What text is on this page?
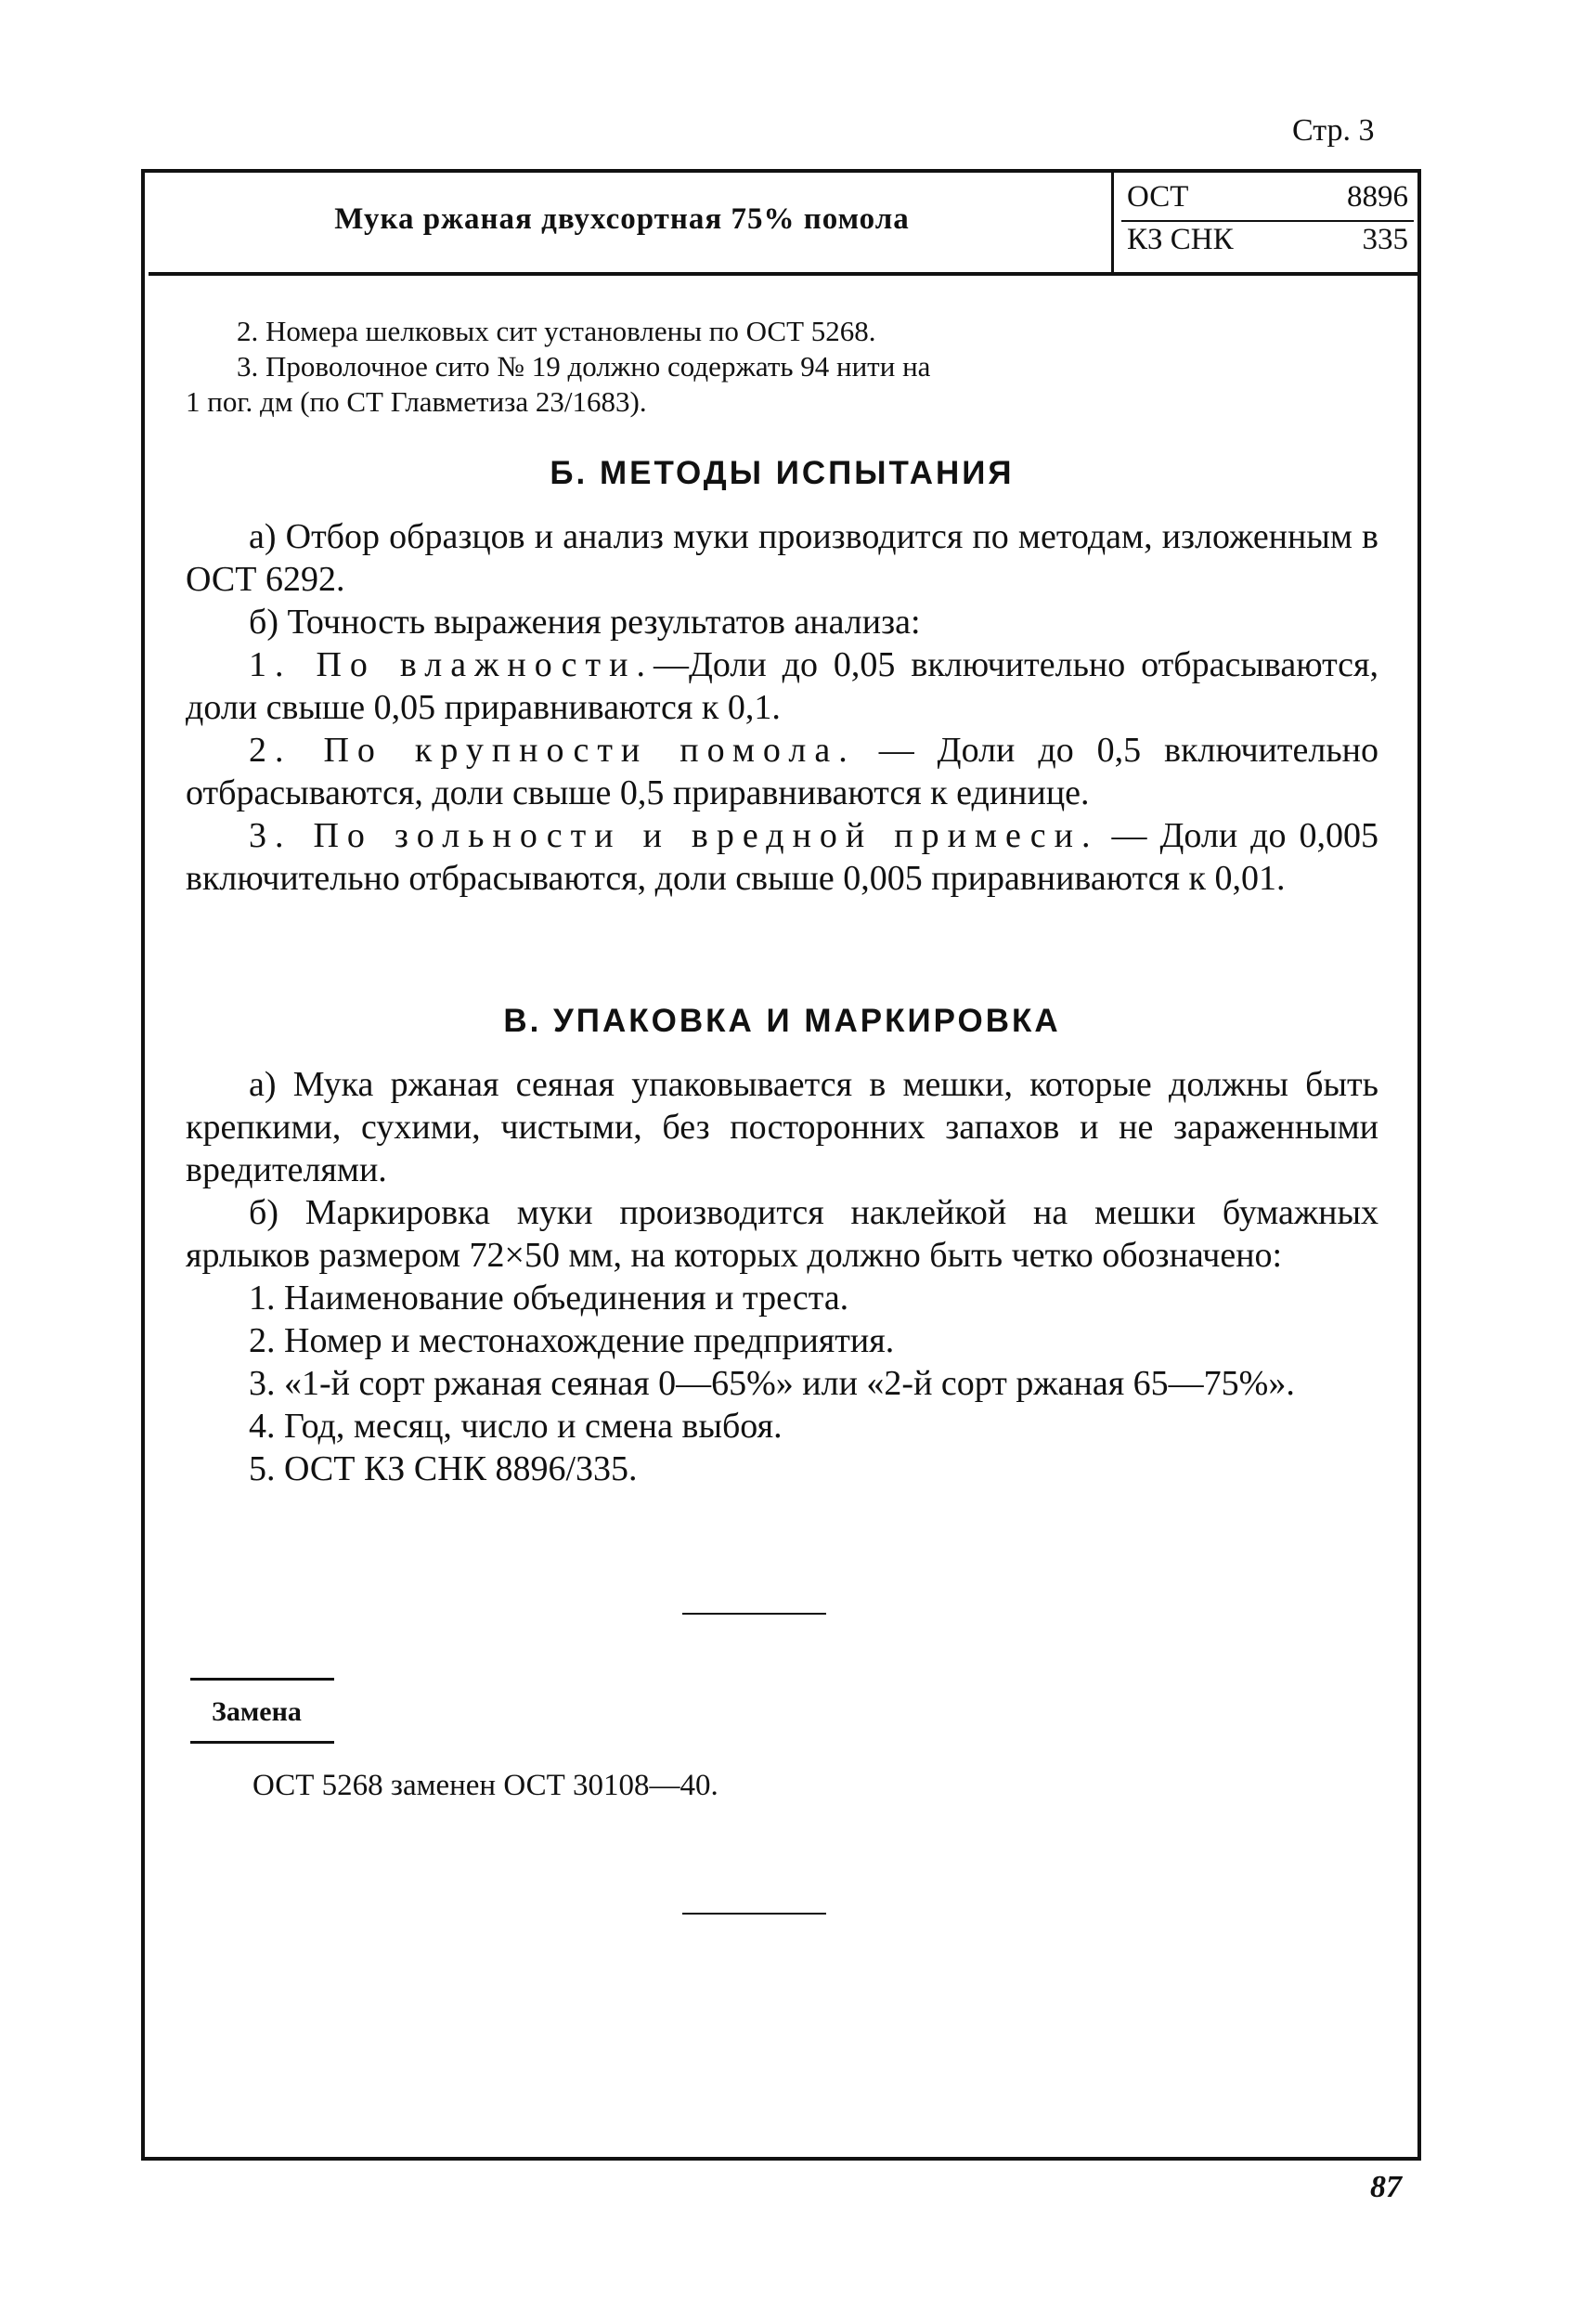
Стр. 3
Мука ржаная двухсортная 75% помола
ОСТ	8896
КЗ СНК	335

2. Номера шелковых сит установлены по ОСТ 5268.

3. Проволочное сито № 19 должно содержать 94 нити на

1 пог. дм (по СТ Главметиза 23/1683).

Б. МЕТОДЫ ИСПЫТАНИЯ

а) Отбор образцов и анализ муки производится по методам, изложенным в ОСТ 6292.

б) Точность выражения результатов анализа:

1. По влажности.—Доли до 0,05 включительно отбрасываются, доли свыше 0,05 приравниваются к 0,1.

2. По крупности помола. — Доли до 0,5 включительно отбрасываются, доли свыше 0,5 приравниваются к единице.

3. По зольности и вредной примеси. — Доли до 0,005 включительно отбрасываются, доли свыше 0,005 приравниваются к 0,01.

В. УПАКОВКА И МАРКИРОВКА

а) Мука ржаная сеяная упаковывается в мешки, которые должны быть крепкими, сухими, чистыми, без посторонних запахов и не зараженными вредителями.

б) Маркировка муки производится наклейкой на мешки бумажных ярлыков размером 72×50 мм, на которых должно быть четко обозначено:

1. Наименование объединения и треста.

2. Номер и местонахождение предприятия.

3. «1-й сорт ржаная сеяная 0—65%» или «2-й сорт ржаная 65—75%».

4. Год, месяц, число и смена выбоя.

5. ОСТ КЗ СНК 8896/335.

Замена
ОСТ 5268 заменен ОСТ 30108—40.
87
